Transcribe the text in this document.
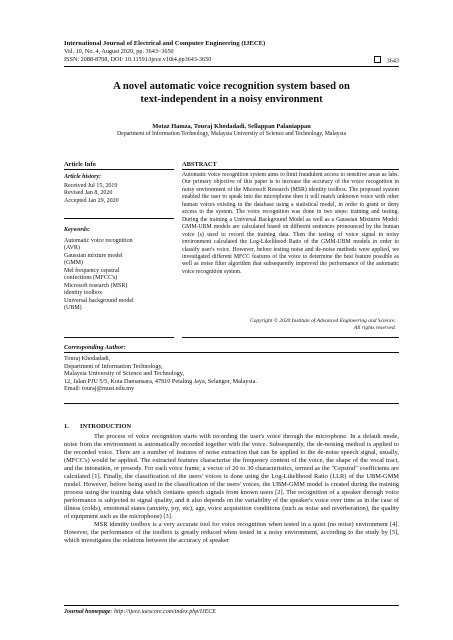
International Journal of Electrical and Computer Engineering (IJECE)
Vol. 10, No. 4, August 2020, pp. 3643~3650
ISSN: 2088-8708, DOI: 10.11591/ijece.v10i4.pp3643-3650	3643
A novel automatic voice recognition system based on
text-independent in a noisy environment
Motaz Hamza, Touraj Khodadadi, Sellappan Palaniappan
Department of Information Technology, Malaysia University of Science and Technology, Malaysia
Article Info	ABSTRACT
Article history:
Received Jul 15, 2019
Revised Jan 8, 2020
Accepted Jan 29, 2020
Keywords:
Automatic voice recognition
(AVR)
Gaussian mixture model
(GMM)
Mel frequency cepstral
confections (MFCC's)
Microsoft research (MSR)
identity toolbox
Universal background model
(UBM)
Automatic voice recognition system aims to limit fraudulent access to sensitive areas as labs. Our primary objective of this paper is to increase the accuracy of the voice recognition in noisy environment of the Microsoft Research (MSR) identity toolbox. The proposed system enabled the user to speak into the microphone then it will match unknown voice with other human voices existing in the database using a statistical model, in order to grant or deny access to the system. The voice recognition was done in two steps: training and testing. During the training a Universal Background Model as well as a Gaussian Mixtures Model: GMM-UBM models are calculated based on different sentences pronounced by the human voice (s) used to record the training data. Then the testing of voice signal in noisy environment calculated the Log-Likelihood Ratio of the GMM-UBM models in order to classify user's voice. However, before testing noise and de-noise methods were applied, we investigated different MFCC features of the voice to determine the best feature possible as well as noise filter algorithm that subsequently improved the performance of the automatic voice recognition system.
Copyright © 2020 Institute of Advanced Engineering and Science.
All rights reserved.
Corresponding Author:
Touraj Khodadadi,
Department of Information Technology,
Malaysia University of Science and Technology,
12, Jalan PJU 5/5, Kota Damansara, 47810 Petaling Jaya, Selangor, Malaysia.
Email: touraj@must.edu.my
1. INTRODUCTION

The process of voice recognition starts with recording the user's voice through the microphone. In a default mode, noise from the environment is automatically recorded together with the voice. Subsequently, the de-noising method is applied to the recorded voice. There are a number of features of noise extraction that can be applied to the de-noise speech signal, usually, (MFCC's) would be applied. The extracted features characterise the frequency content of the voice, the shape of the vocal tract, and the intonation, or prosody. For each voice frame, a vector of 20 to 30 characteristics, termed as the "Cepstral" coefficients are calculated [1]. Finally, the classification of the users' voices is done using the Log-Likelihood Ratio (LLR) of the UBM-GMM model. However, before being used in the classification of the users' voices, the UBM-GMM model is created during the training process using the training data which contains speech signals from known users [2]. The recognition of a speaker through voice performance is subjected to signal quality, and it also depends on the variability of the speaker's voice over time as in the case of illness (colds), emotional states (anxiety, joy, etc), age, voice acquisition conditions (such as noise and reverberation), the quality of equipment such as the microphone) [3].

MSR identity toolbox is a very accurate tool for voice recognition when tested in a quiet (no noise) environment [4]. However, the performance of the toolbox is greatly reduced when tested in a noisy environment, according to the study by [5], which investigates the relations between the accuracy of speaker

Journal homepage: http://ijece.iaescore.com/index.php/IJECE
